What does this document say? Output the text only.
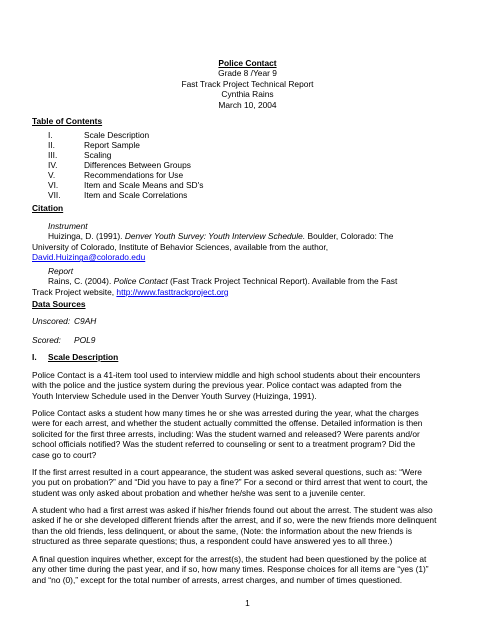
Police Contact
Grade 8 /Year 9
Fast Track Project Technical Report
Cynthia Rains
March 10, 2004
Table of Contents
I.	Scale Description
II.	Report Sample
III.	Scaling
IV.	Differences Between Groups
V.	Recommendations for Use
VI.	Item and Scale Means and SD's
VII.	Item and Scale Correlations
Citation
Instrument
Huizinga, D. (1991). Denver Youth Survey: Youth Interview Schedule. Boulder, Colorado: The
University of Colorado, Institute of Behavior Sciences, available from the author,
David.Huizinga@colorado.edu
Report
Rains, C. (2004). Police Contact (Fast Track Project Technical Report). Available from the Fast
Track Project website, http://www.fasttrackproject.org
Data Sources
Unscored: C9AH
Scored:	POL9
I. Scale Description
Police Contact is a 41-item tool used to interview middle and high school students about their encounters
with the police and the justice system during the previous year. Police contact was adapted from the
Youth Interview Schedule used in the Denver Youth Survey (Huizinga, 1991).
Police Contact asks a student how many times he or she was arrested during the year, what the charges
were for each arrest, and whether the student actually committed the offense. Detailed information is then
solicited for the first three arrests, including: Was the student warned and released? Were parents and/or
school officials notified? Was the student referred to counseling or sent to a treatment program? Did the
case go to court?
If the first arrest resulted in a court appearance, the student was asked several questions, such as: “Were
you put on probation?” and “Did you have to pay a fine?” For a second or third arrest that went to court, the
student was only asked about probation and whether he/she was sent to a juvenile center.
A student who had a first arrest was asked if his/her friends found out about the arrest. The student was also
asked if he or she developed different friends after the arrest, and if so, were the new friends more delinquent
than the old friends, less delinquent, or about the same, (Note: the information about the new friends is
structured as three separate questions; thus, a respondent could have answered yes to all three.)
A final question inquires whether, except for the arrest(s), the student had been questioned by the police at
any other time during the past year, and if so, how many times. Response choices for all items are “yes (1)”
and “no (0),” except for the total number of arrests, arrest charges, and number of times questioned.
1
